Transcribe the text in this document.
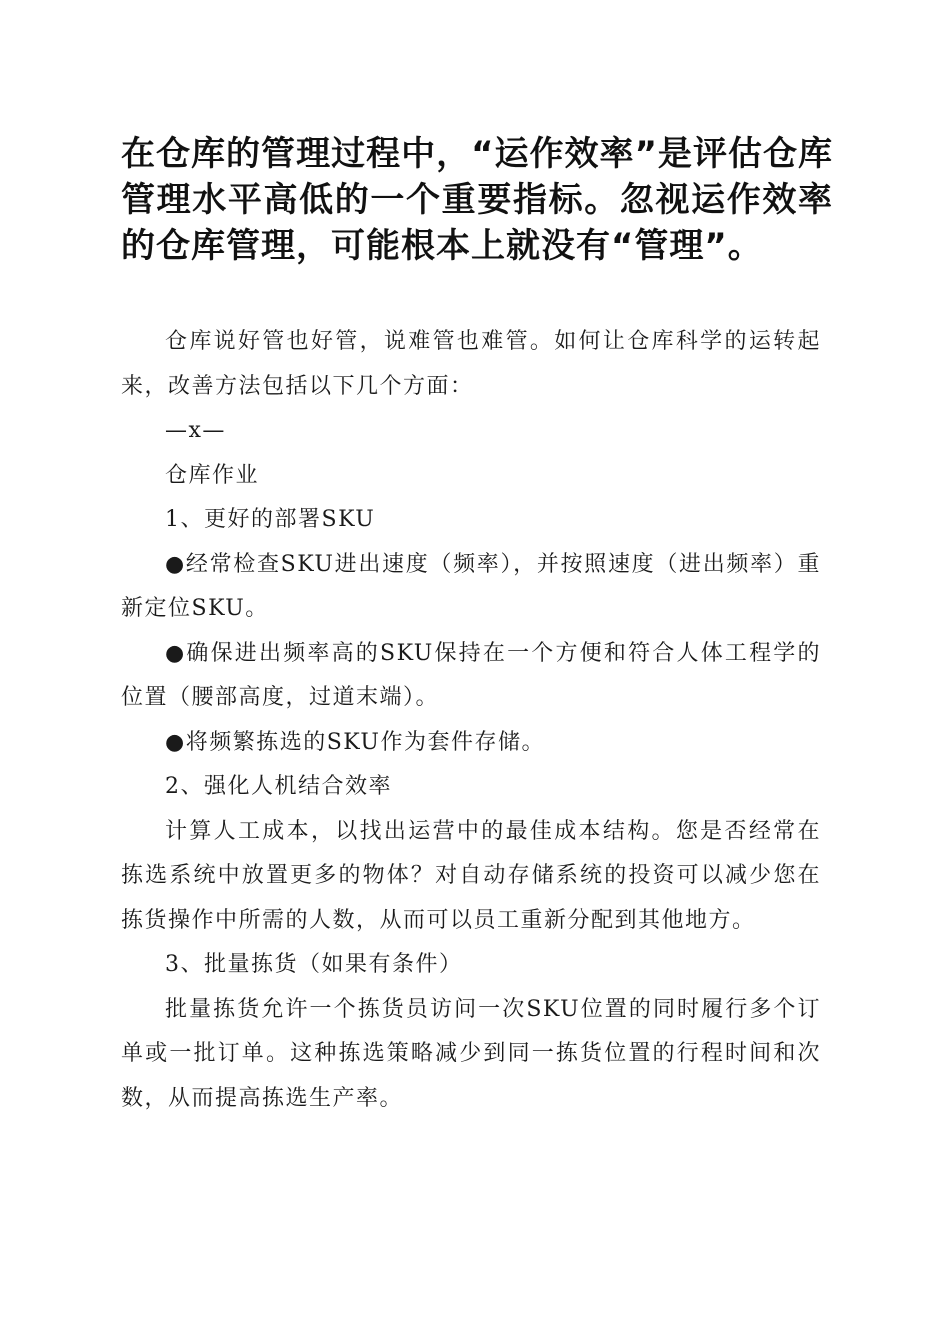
在仓库的管理过程中，“运作效率”是评估仓库管理水平高低的一个重要指标。忽视运作效率的仓库管理，可能根本上就没有“管理”。

仓库说好管也好管，说难管也难管。如何让仓库科学的运转起来，改善方法包括以下几个方面：

—x—

仓库作业

1、更好的部署SKU

●经常检查SKU进出速度（频率），并按照速度（进出频率）重新定位SKU。

●确保进出频率高的SKU保持在一个方便和符合人体工程学的位置（腰部高度，过道末端）。

●将频繁拣选的SKU作为套件存储。

2、强化人机结合效率

计算人工成本，以找出运营中的最佳成本结构。您是否经常在拣选系统中放置更多的物体？对自动存储系统的投资可以减少您在拣货操作中所需的人数，从而可以员工重新分配到其他地方。

3、批量拣货（如果有条件）

批量拣货允许一个拣货员访问一次SKU位置的同时履行多个订单或一批订单。这种拣选策略减少到同一拣货位置的行程时间和次数，从而提高拣选生产率。
